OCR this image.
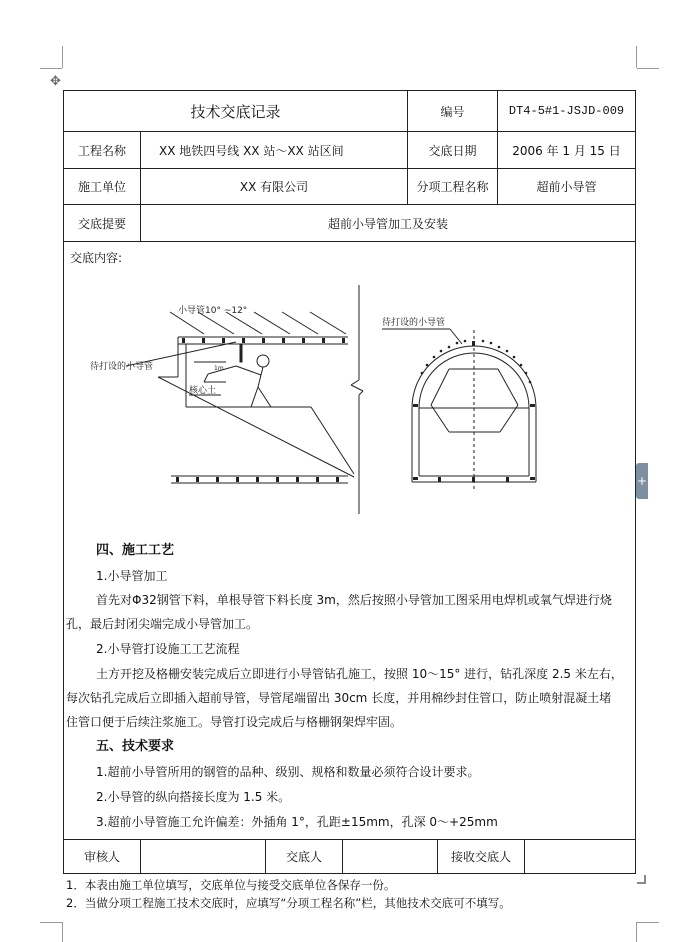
✥
技术交底记录	编号	DT4-5#1-JSJD-009
工程名称	XX 地铁四号线 XX 站～XX 站区间	交底日期	2006 年 1 月 15 日
施工单位	XX 有限公司	分项工程名称	超前小导管
交底提要	超前小导管加工及安装
交底内容:
小导管10° ~12°
待打设的小导管
核心土
1m
待打设的小导管
四、施工工艺
1.小导管加工
首先对Φ32钢管下料，单根导管下料长度 3m，然后按照小导管加工图采用电焊机或氧气焊进行烧
孔，最后封闭尖端完成小导管加工。
2.小导管打设施工工艺流程
土方开挖及格栅安装完成后立即进行小导管钻孔施工，按照 10～15° 进行，钻孔深度 2.5 米左右，
每次钻孔完成后立即插入超前导管，导管尾端留出 30cm 长度，并用棉纱封住管口，防止喷射混凝土堵
住管口便于后续注浆施工。导管打设完成后与格栅钢架焊牢固。
五、技术要求
1.超前小导管所用的钢管的品种、级别、规格和数量必须符合设计要求。
2.小导管的纵向搭接长度为 1.5 米。
3.超前小导管施工允许偏差：外插角 1°，孔距±15mm，孔深 0～+25mm
审核人	交底人	接收交底人
1．本表由施工单位填写，交底单位与接受交底单位各保存一份。
2．当做分项工程施工技术交底时，应填写“分项工程名称”栏，其他技术交底可不填写。
+
